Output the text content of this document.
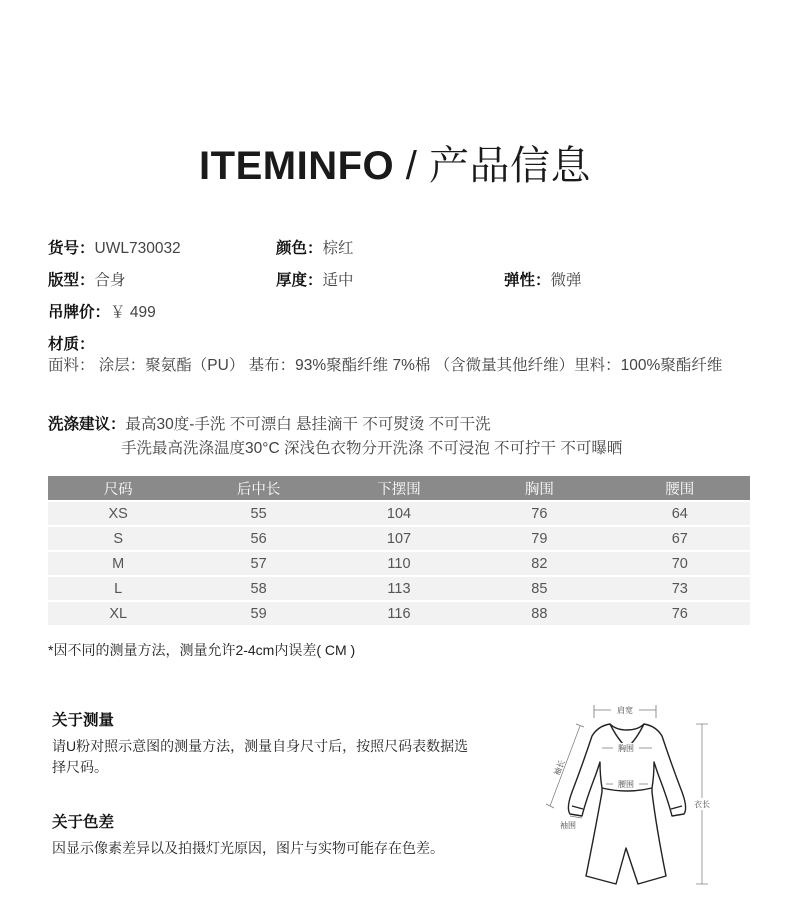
ITEMINFO / 产品信息
货号：UWL730032	颜色：棕红
版型：合身	厚度：适中	弹性：微弹
吊牌价：￥ 499
材质：
面料： 涂层：聚氨酯（PU） 基布：93%聚酯纤维 7%棉 （含微量其他纤维）里料：100%聚酯纤维
洗涤建议：最高30度-手洗 不可漂白 悬挂滴干 不可熨烫 不可干洗
手洗最高洗涤温度30°C 深浅色衣物分开洗涤 不可浸泡 不可拧干 不可曝晒
尺码	后中长	下摆围	胸围	腰围
XS	55	104	76	64
S	56	107	79	67
M	57	110	82	70
L	58	113	85	73
XL	59	116	88	76
*因不同的测量方法，测量允许2-4cm内误差( CM )
关于测量
请U粉对照示意图的测量方法，测量自身尺寸后，按照尺码表数据选
择尺码。
关于色差
因显示像素差异以及拍摄灯光原因，图片与实物可能存在色差。
肩宽
胸围
腰围
袖长
袖围
衣长
